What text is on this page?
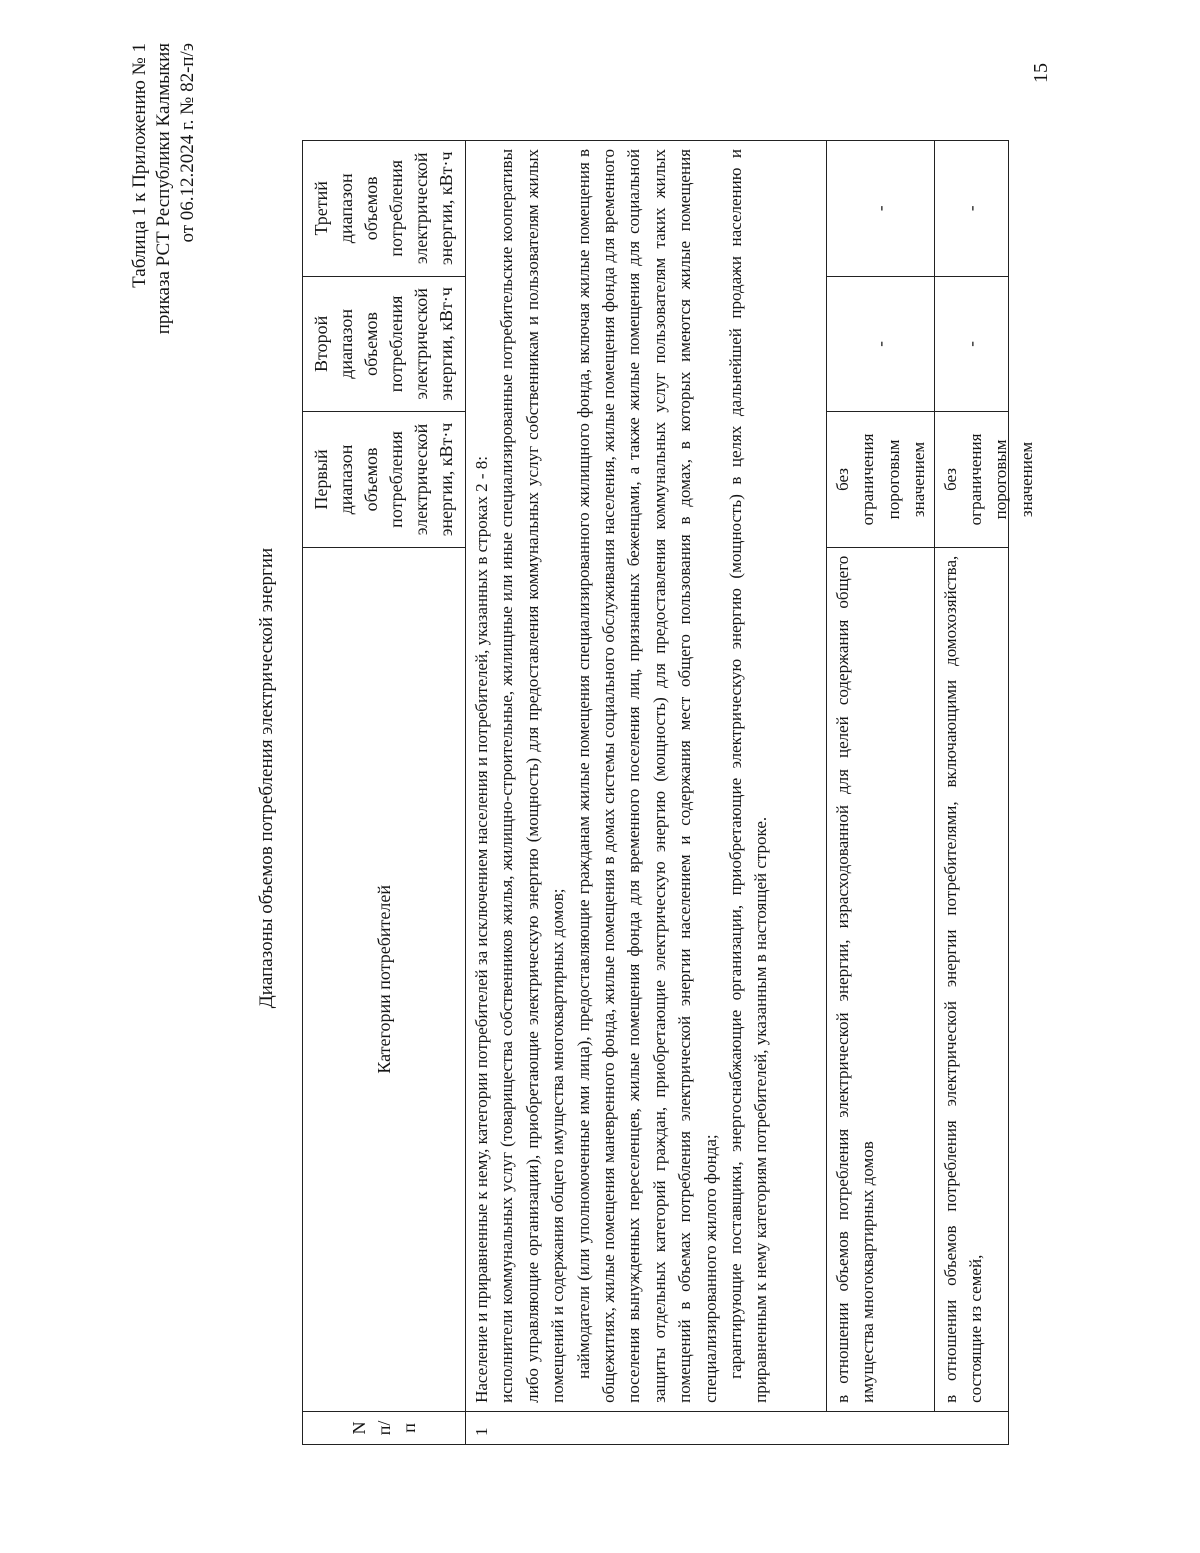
Таблица 1 к Приложению № 1 приказа РСТ Республики Калмыкия от 06.12.2024 г. № 82-п/э	15
Диапазоны объемов потребления электрической энергии
N п/п	Категории потребителей	Первый диапазон объемов потребления электрической энергии, кВт·ч	Второй диапазон объемов потребления электрической энергии, кВт·ч	Третий диапазон объемов потребления электрической энергии, кВт·ч
1	Население и приравненные к нему, категории потребителей за исключением населения и потребителей, указанных в строках 2 - 8: исполнители коммунальных услуг (товарищества собственников жилья, жилищно-строительные, жилищные или иные специализированные потребительские кооперативы либо управляющие организации), приобретающие электрическую энергию (мощность) для предоставления коммунальных услуг собственникам и пользователям жилых помещений и содержания общего имущества многоквартирных домов; наймодатели (или уполномоченные ими лица), предоставляющие гражданам жилые помещения специализированного жилищного фонда, включая жилые помещения в общежитиях, жилые помещения маневренного фонда, жилые помещения в домах системы социального обслуживания населения, жилые помещения фонда для временного поселения вынужденных переселенцев, жилые помещения фонда для временного поселения лиц, признанных беженцами, а также жилые помещения для социальной защиты отдельных категорий граждан, приобретающие электрическую энергию (мощность) для предоставления коммунальных услуг пользователям таких жилых помещений в объемах потребления электрической энергии населением и содержания мест общего пользования в домах, в которых имеются жилые помещения специализированного жилого фонда; гарантирующие поставщики, энергоснабжающие организации, приобретающие электрическую энергию (мощность) в целях дальнейшей продажи населению и приравненным к нему категориям потребителей, указанным в настоящей строке.			

	в отношении объемов потребления электрической энергии, израсходованной для целей содержания общего имущества многоквартирных домов	без ограничения пороговым значением	-	-
	в отношении объемов потребления электрической энергии потребителями, включающими домохозяйства, состоящие из семей,	без ограничения пороговым значением	-	-
